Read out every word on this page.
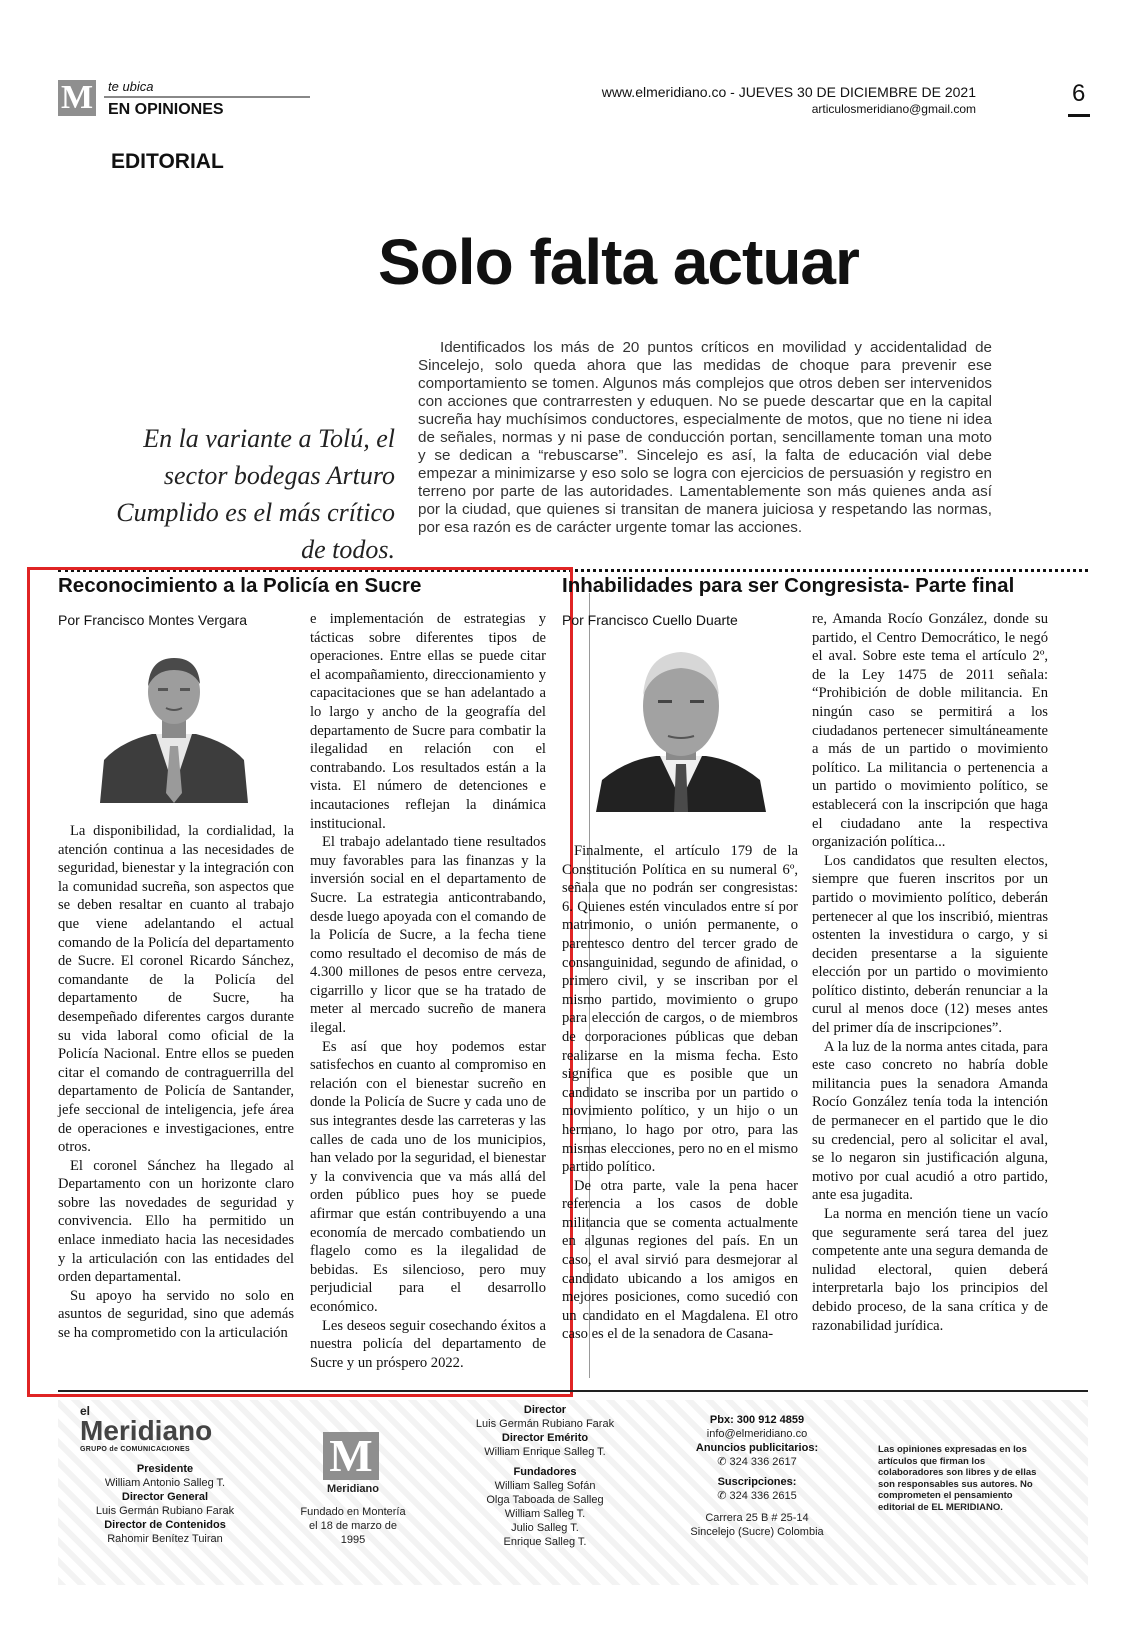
M te ubica
EN OPINIONES
www.elmeridiano.co - JUEVES 30 DE DICIEMBRE DE 2021
articulosmeridiano@gmail.com
6
EDITORIAL
Solo falta actuar
En la variante a Tolú, el sector bodegas Arturo Cumplido es el más crítico de todos.

Identificados los más de 20 puntos críticos en movilidad y accidentalidad de Sincelejo, solo queda ahora que las medidas de choque para prevenir ese comportamiento se tomen. Algunos más complejos que otros deben ser intervenidos con acciones que contrarresten y eduquen. No se puede descartar que en la capital sucreña hay muchísimos conductores, especialmente de motos, que no tiene ni idea de señales, normas y ni pase de conducción portan, sencillamente toman una moto y se dedican a “rebuscarse”. Sincelejo es así, la falta de educación vial debe empezar a minimizarse y eso solo se logra con ejercicios de persuasión y registro en terreno por parte de las autoridades. Lamentablemente son más quienes anda así por la ciudad, que quienes si transitan de manera juiciosa y respetando las normas, por esa razón es de carácter urgente tomar las acciones.

Reconocimiento a la Policía en Sucre
Por Francisco Montes Vergara

La disponibilidad, la cordialidad, la atención continua a las necesidades de seguridad, bienestar y la integración con la comunidad sucreña, son aspectos que se deben resaltar en cuanto al trabajo que viene adelantando el actual comando de la Policía del departamento de Sucre. El coronel Ricardo Sánchez, comandante de la Policía del departamento de Sucre, ha desempeñado diferentes cargos durante su vida laboral como oficial de la Policía Nacional. Entre ellos se pueden citar el comando de contraguerrilla del departamento de Policía de Santander, jefe seccional de inteligencia, jefe área de operaciones e investigaciones, entre otros.

El coronel Sánchez ha llegado al Departamento con un horizonte claro sobre las novedades de seguridad y convivencia. Ello ha permitido un enlace inmediato hacia las necesidades y la articulación con las entidades del orden departamental.

Su apoyo ha servido no solo en asuntos de seguridad, sino que además se ha comprometido con la articulación

e implementación de estrategias y tácticas sobre diferentes tipos de operaciones. Entre ellas se puede citar el acompañamiento, direccionamiento y capacitaciones que se han adelantado a lo largo y ancho de la geografía del departamento de Sucre para combatir la ilegalidad en relación con el contrabando. Los resultados están a la vista. El número de detenciones e incautaciones reflejan la dinámica institucional.

El trabajo adelantado tiene resultados muy favorables para las finanzas y la inversión social en el departamento de Sucre. La estrategia anticontrabando, desde luego apoyada con el comando de la Policía de Sucre, a la fecha tiene como resultado el decomiso de más de 4.300 millones de pesos entre cerveza, cigarrillo y licor que se ha tratado de meter al mercado sucreño de manera ilegal.

Es así que hoy podemos estar satisfechos en cuanto al compromiso en relación con el bienestar sucreño en donde la Policía de Sucre y cada uno de sus integrantes desde las carreteras y las calles de cada uno de los municipios, han velado por la seguridad, el bienestar y la convivencia que va más allá del orden público pues hoy se puede afirmar que están contribuyendo a una economía de mercado combatiendo un flagelo como es la ilegalidad de bebidas. Es silencioso, pero muy perjudicial para el desarrollo económico.

Les deseos seguir cosechando éxitos a nuestra policía del departamento de Sucre y un próspero 2022.

Inhabilidades para ser Congresista- Parte final
Por Francisco Cuello Duarte

Finalmente, el artículo 179 de la Constitución Política en su numeral 6º, señala que no podrán ser congresistas: 6. Quienes estén vinculados entre sí por matrimonio, o unión permanente, o parentesco dentro del tercer grado de consanguinidad, segundo de afinidad, o primero civil, y se inscriban por el mismo partido, movimiento o grupo para elección de cargos, o de miembros de corporaciones públicas que deban realizarse en la misma fecha. Esto significa que es posible que un candidato se inscriba por un partido o movimiento político, y un hijo o un hermano, lo hago por otro, para las mismas elecciones, pero no en el mismo partido político.

De otra parte, vale la pena hacer referencia a los casos de doble militancia que se comenta actualmente en algunas regiones del país. En un caso, el aval sirvió para desmejorar al candidato ubicando a los amigos en mejores posiciones, como sucedió con un candidato en el Magdalena. El otro caso es el de la senadora de Casana-

re, Amanda Rocío González, donde su partido, el Centro Democrático, le negó el aval. Sobre este tema el artículo 2º, de la Ley 1475 de 2011 señala: “Prohibición de doble militancia. En ningún caso se permitirá a los ciudadanos pertenecer simultáneamente a más de un partido o movimiento político. La militancia o pertenencia a un partido o movimiento político, se establecerá con la inscripción que haga el ciudadano ante la respectiva organización política...

Los candidatos que resulten electos, siempre que fueren inscritos por un partido o movimiento político, deberán pertenecer al que los inscribió, mientras ostenten la investidura o cargo, y si deciden presentarse a la siguiente elección por un partido o movimiento político distinto, deberán renunciar a la curul al menos doce (12) meses antes del primer día de inscripciones”.

A la luz de la norma antes citada, para este caso concreto no habría doble militancia pues la senadora Amanda Rocío González tenía toda la intención de permanecer en el partido que le dio su credencial, pero al solicitar el aval, se lo negaron sin justificación alguna, motivo por cual acudió a otro partido, ante esa jugadita.

La norma en mención tiene un vacío que seguramente será tarea del juez competente ante una segura demanda de nulidad electoral, quien deberá interpretarla bajo los principios del debido proceso, de la sana crítica y de razonabilidad jurídica.

el
Meridiano
GRUPO de COMUNICACIONES
Presidente
William Antonio Salleg T.
Director General
Luis Germán Rubiano Farak
Director de Contenidos
Rahomir Benítez Tuiran
M
Meridiano
Fundado en Montería el 18 de marzo de 1995
Director
Luis Germán Rubiano Farak
Director Emérito
William Enrique Salleg T.
Fundadores
William Salleg Sofán
Olga Taboada de Salleg
William Salleg T.
Julio Salleg T.
Enrique Salleg T.
Pbx: 300 912 4859
info@elmeridiano.co
Anuncios publicitarios:
✆ 324 336 2617
Suscripciones:
✆ 324 336 2615
Carrera 25 B # 25-14
Sincelejo (Sucre) Colombia
Las opiniones expresadas en los artículos que firman los colaboradores son libres y de ellas son responsables sus autores. No comprometen el pensamiento editorial de EL MERIDIANO.
